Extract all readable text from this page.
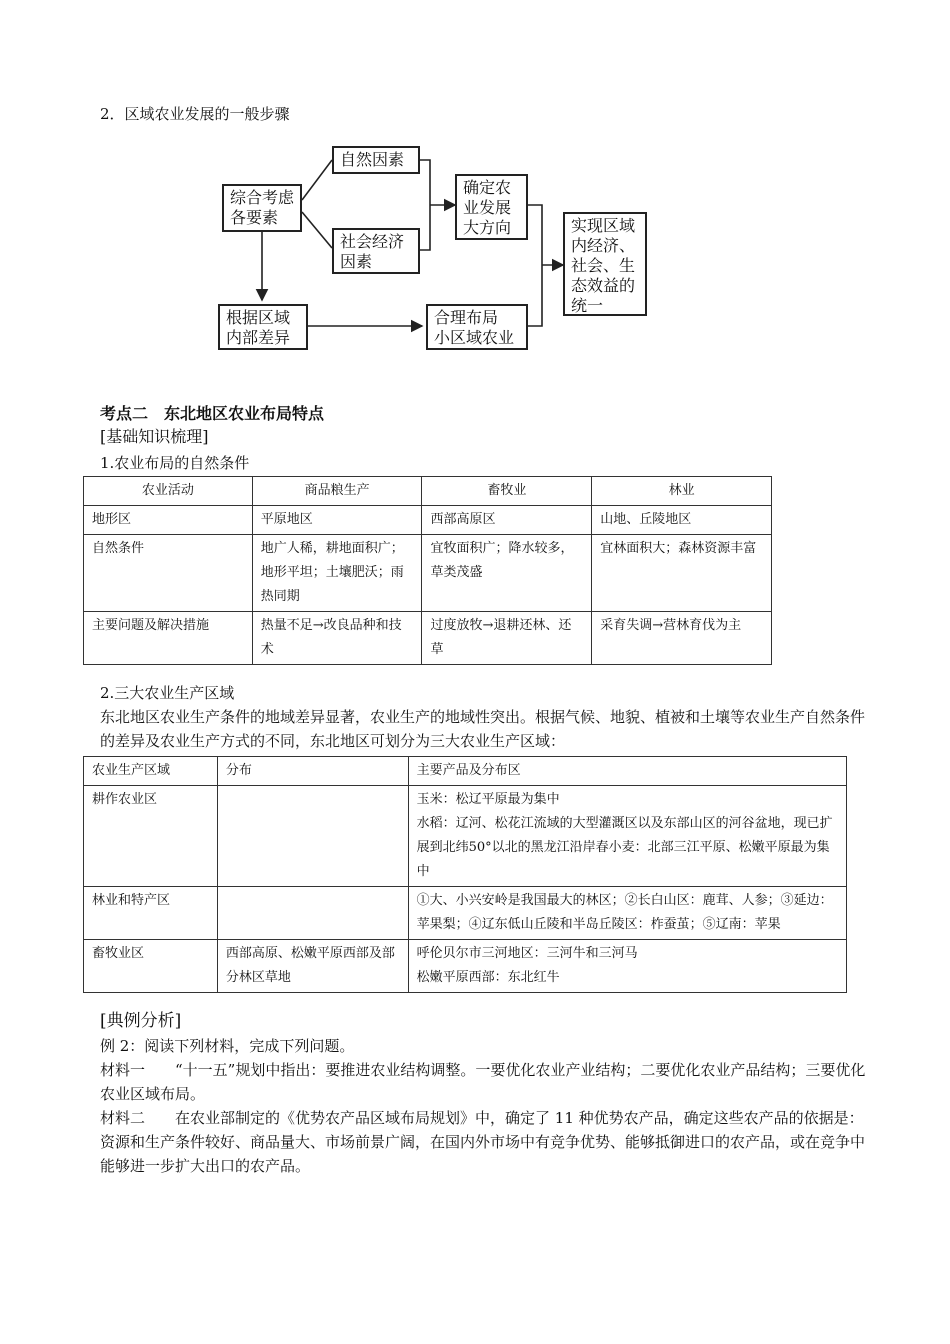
2．区域农业发展的一般步骤
综合考虑
各要素
自然因素
社会经济
因素
确定农
业发展
大方向	实现区域
内经济、
社会、生
态效益的
统一
根据区域
内部差异
合理布局
小区域农业
考点二　东北地区农业布局特点
[基础知识梳理]
1.农业布局的自然条件
农业活动	商品粮生产	畜牧业	林业
地形区	平原地区	西部高原区	山地、丘陵地区
自然条件	地广人稀，耕地面积广；地形平坦；土壤肥沃；雨热同期	宜牧面积广；降水较多，草类茂盛	宜林面积大；森林资源丰富
主要问题及解决措施	热量不足→改良品种和技术	过度放牧→退耕还林、还草	采育失调→营林育伐为主
2.三大农业生产区域
东北地区农业生产条件的地域差异显著，农业生产的地域性突出。根据气候、地貌、植被和土壤等农业生产自然条件的差异及农业生产方式的不同，东北地区可划分为三大农业生产区域：
农业生产区域	分布	主要产品及分布区
耕作农业区		玉米：松辽平原最为集中
水稻：辽河、松花江流域的大型灌溉区以及东部山区的河谷盆地，现已扩展到北纬50°以北的黑龙江沿岸春小麦：北部三江平原、松嫩平原最为集中
林业和特产区		①大、小兴安岭是我国最大的林区；②长白山区：鹿茸、人参；③延边：苹果梨；④辽东低山丘陵和半岛丘陵区：柞蚕茧；⑤辽南：苹果
畜牧业区	西部高原、松嫩平原西部及部分林区草地	呼伦贝尔市三河地区：三河牛和三河马
松嫩平原西部：东北红牛
[典例分析]
例 2：阅读下列材料，完成下列问题。
材料一　　“十一五”规划中指出：要推进农业结构调整。一要优化农业产业结构；二要优化农业产品结构；三要优化农业区域布局。
材料二　　在农业部制定的《优势农产品区域布局规划》中，确定了 11 种优势农产品，确定这些农产品的依据是：资源和生产条件较好、商品量大、市场前景广阔，在国内外市场中有竞争优势、能够抵御进口的农产品，或在竞争中能够进一步扩大出口的农产品。
